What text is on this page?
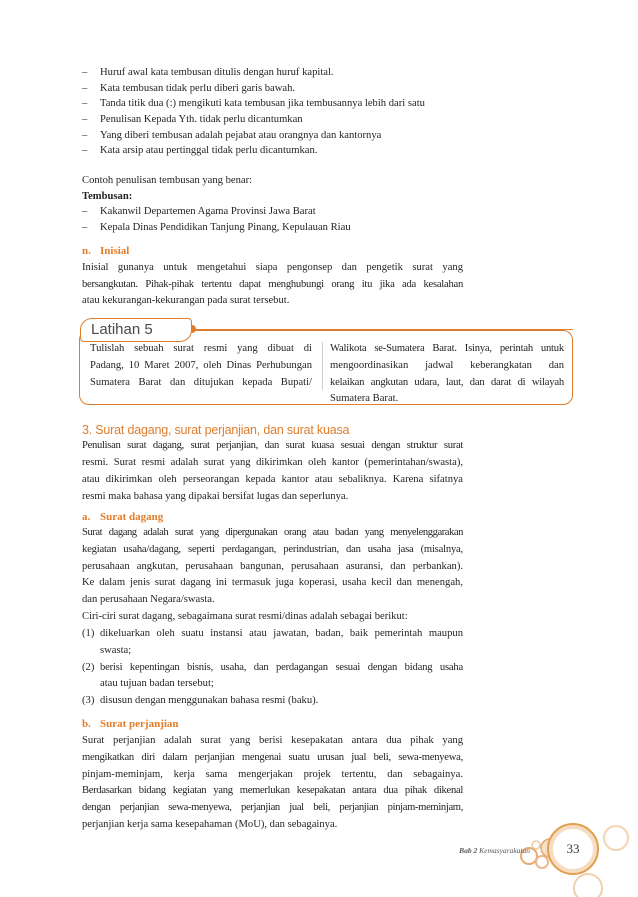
– Huruf awal kata tembusan ditulis dengan huruf kapital.
– Kata tembusan tidak perlu diberi garis bawah.
– Tanda titik dua (:) mengikuti kata tembusan jika tembusannya lebih dari satu
– Penulisan Kepada Yth. tidak perlu dicantumkan
– Yang diberi tembusan adalah pejabat atau orangnya dan kantornya
– Kata arsip atau pertinggal tidak perlu dicantumkan.
Contoh penulisan tembusan yang benar:
Tembusan:
– Kakanwil Departemen Agama Provinsi Jawa Barat
– Kepala Dinas Pendidikan Tanjung Pinang, Kepulauan Riau
n. Inisial
Inisial gunanya untuk mengetahui siapa pengonsep dan pengetik surat yang
bersangkutan. Pihak-pihak tertentu dapat menghubungi orang itu jika ada kesalahan
atau kekurangan-kekurangan pada surat tersebut.
Latihan 5
Tulislah sebuah surat resmi yang dibuat di
Padang, 10 Maret 2007, oleh Dinas Perhubungan
Sumatera Barat dan ditujukan kepada Bupati/
Walikota se-Sumatera Barat. Isinya, perintah untuk
mengoordinasikan jadwal keberangkatan dan
kelaikan angkutan udara, laut, dan darat di wilayah
Sumatera Barat.
3. Surat dagang, surat perjanjian, dan surat kuasa
Penulisan surat dagang, surat perjanjian, dan surat kuasa sesuai dengan struktur surat
resmi. Surat resmi adalah surat yang dikirimkan oleh kantor (pemerintahan/swasta),
atau dikirimkan oleh perseorangan kepada kantor atau sebaliknya. Karena sifatnya
resmi maka bahasa yang dipakai bersifat lugas dan seperlunya.
a. Surat dagang
Surat dagang adalah surat yang dipergunakan orang atau badan yang menyelenggarakan
kegiatan usaha/dagang, seperti perdagangan, perindustrian, dan usaha jasa (misalnya,
perusahaan angkutan, perusahaan bangunan, perusahaan asuransi, dan perbankan).
Ke dalam jenis surat dagang ini termasuk juga koperasi, usaha kecil dan menengah,
dan perusahaan Negara/swasta.
Ciri-ciri surat dagang, sebagaimana surat resmi/dinas adalah sebagai berikut:
(1) dikeluarkan oleh suatu instansi atau jawatan, badan, baik pemerintah maupun
swasta;
(2) berisi kepentingan bisnis, usaha, dan perdagangan sesuai dengan bidang usaha
atau tujuan badan tersebut;
(3) disusun dengan menggunakan bahasa resmi (baku).
b. Surat perjanjian
Surat perjanjian adalah surat yang berisi kesepakatan antara dua pihak yang
mengikatkan diri dalam perjanjian mengenai suatu urusan jual beli, sewa-menyewa,
pinjam-meminjam, kerja sama mengerjakan projek tertentu, dan sebagainya.
Berdasarkan bidang kegiatan yang memerlukan kesepakatan antara dua pihak dikenal
dengan perjanjian sewa-menyewa, perjanjian jual beli, perjanjian pinjam-meminjam,
perjanjian kerja sama kesepahaman (MoU), dan sebagainya.
Bab 2 Kemasyarakatan	33
